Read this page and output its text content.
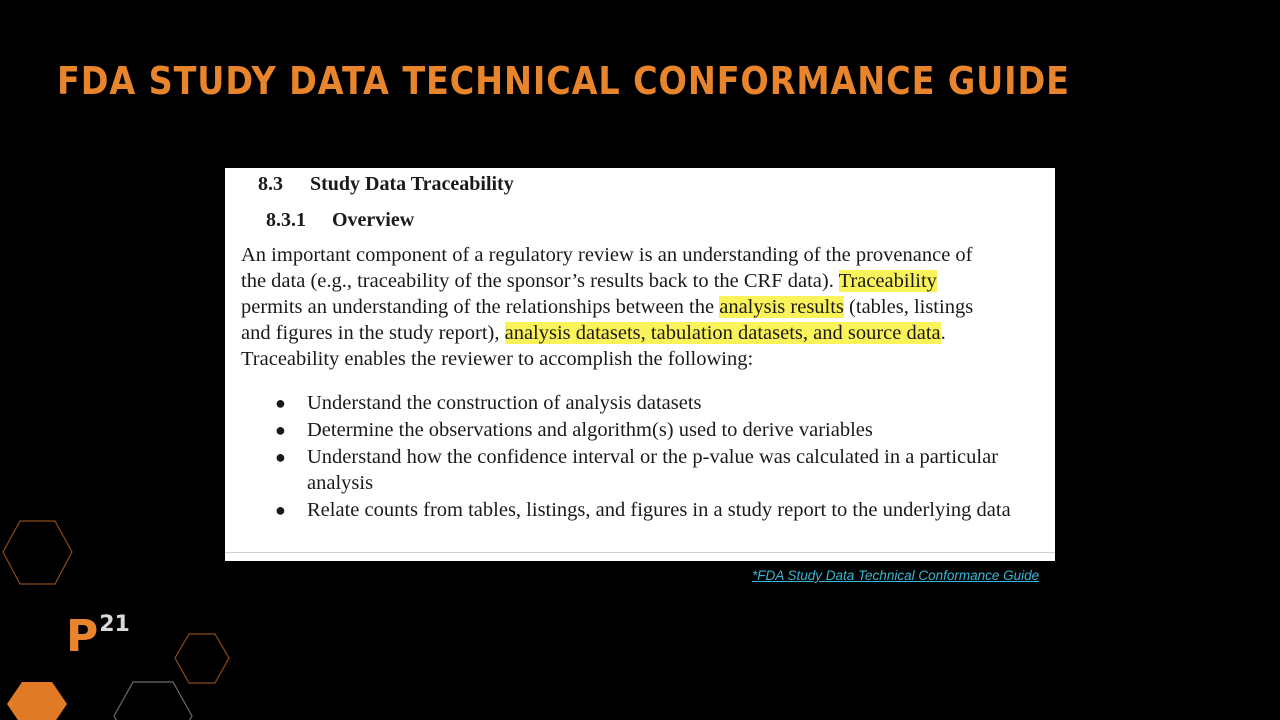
FDA STUDY DATA TECHNICAL CONFORMANCE GUIDE
8.3 Study Data Traceability
8.3.1 Overview

An important component of a regulatory review is an understanding of the provenance of
the data (e.g., traceability of the sponsor’s results back to the CRF data). Traceability
permits an understanding of the relationships between the analysis results (tables, listings
and figures in the study report), analysis datasets, tabulation datasets, and source data.
Traceability enables the reviewer to accomplish the following:

● Understand the construction of analysis datasets
● Determine the observations and algorithm(s) used to derive variables
● Understand how the confidence interval or the p-value was calculated in a particular analysis
● Relate counts from tables, listings, and figures in a study report to the underlying data
*FDA Study Data Technical Conformance Guide
P21
